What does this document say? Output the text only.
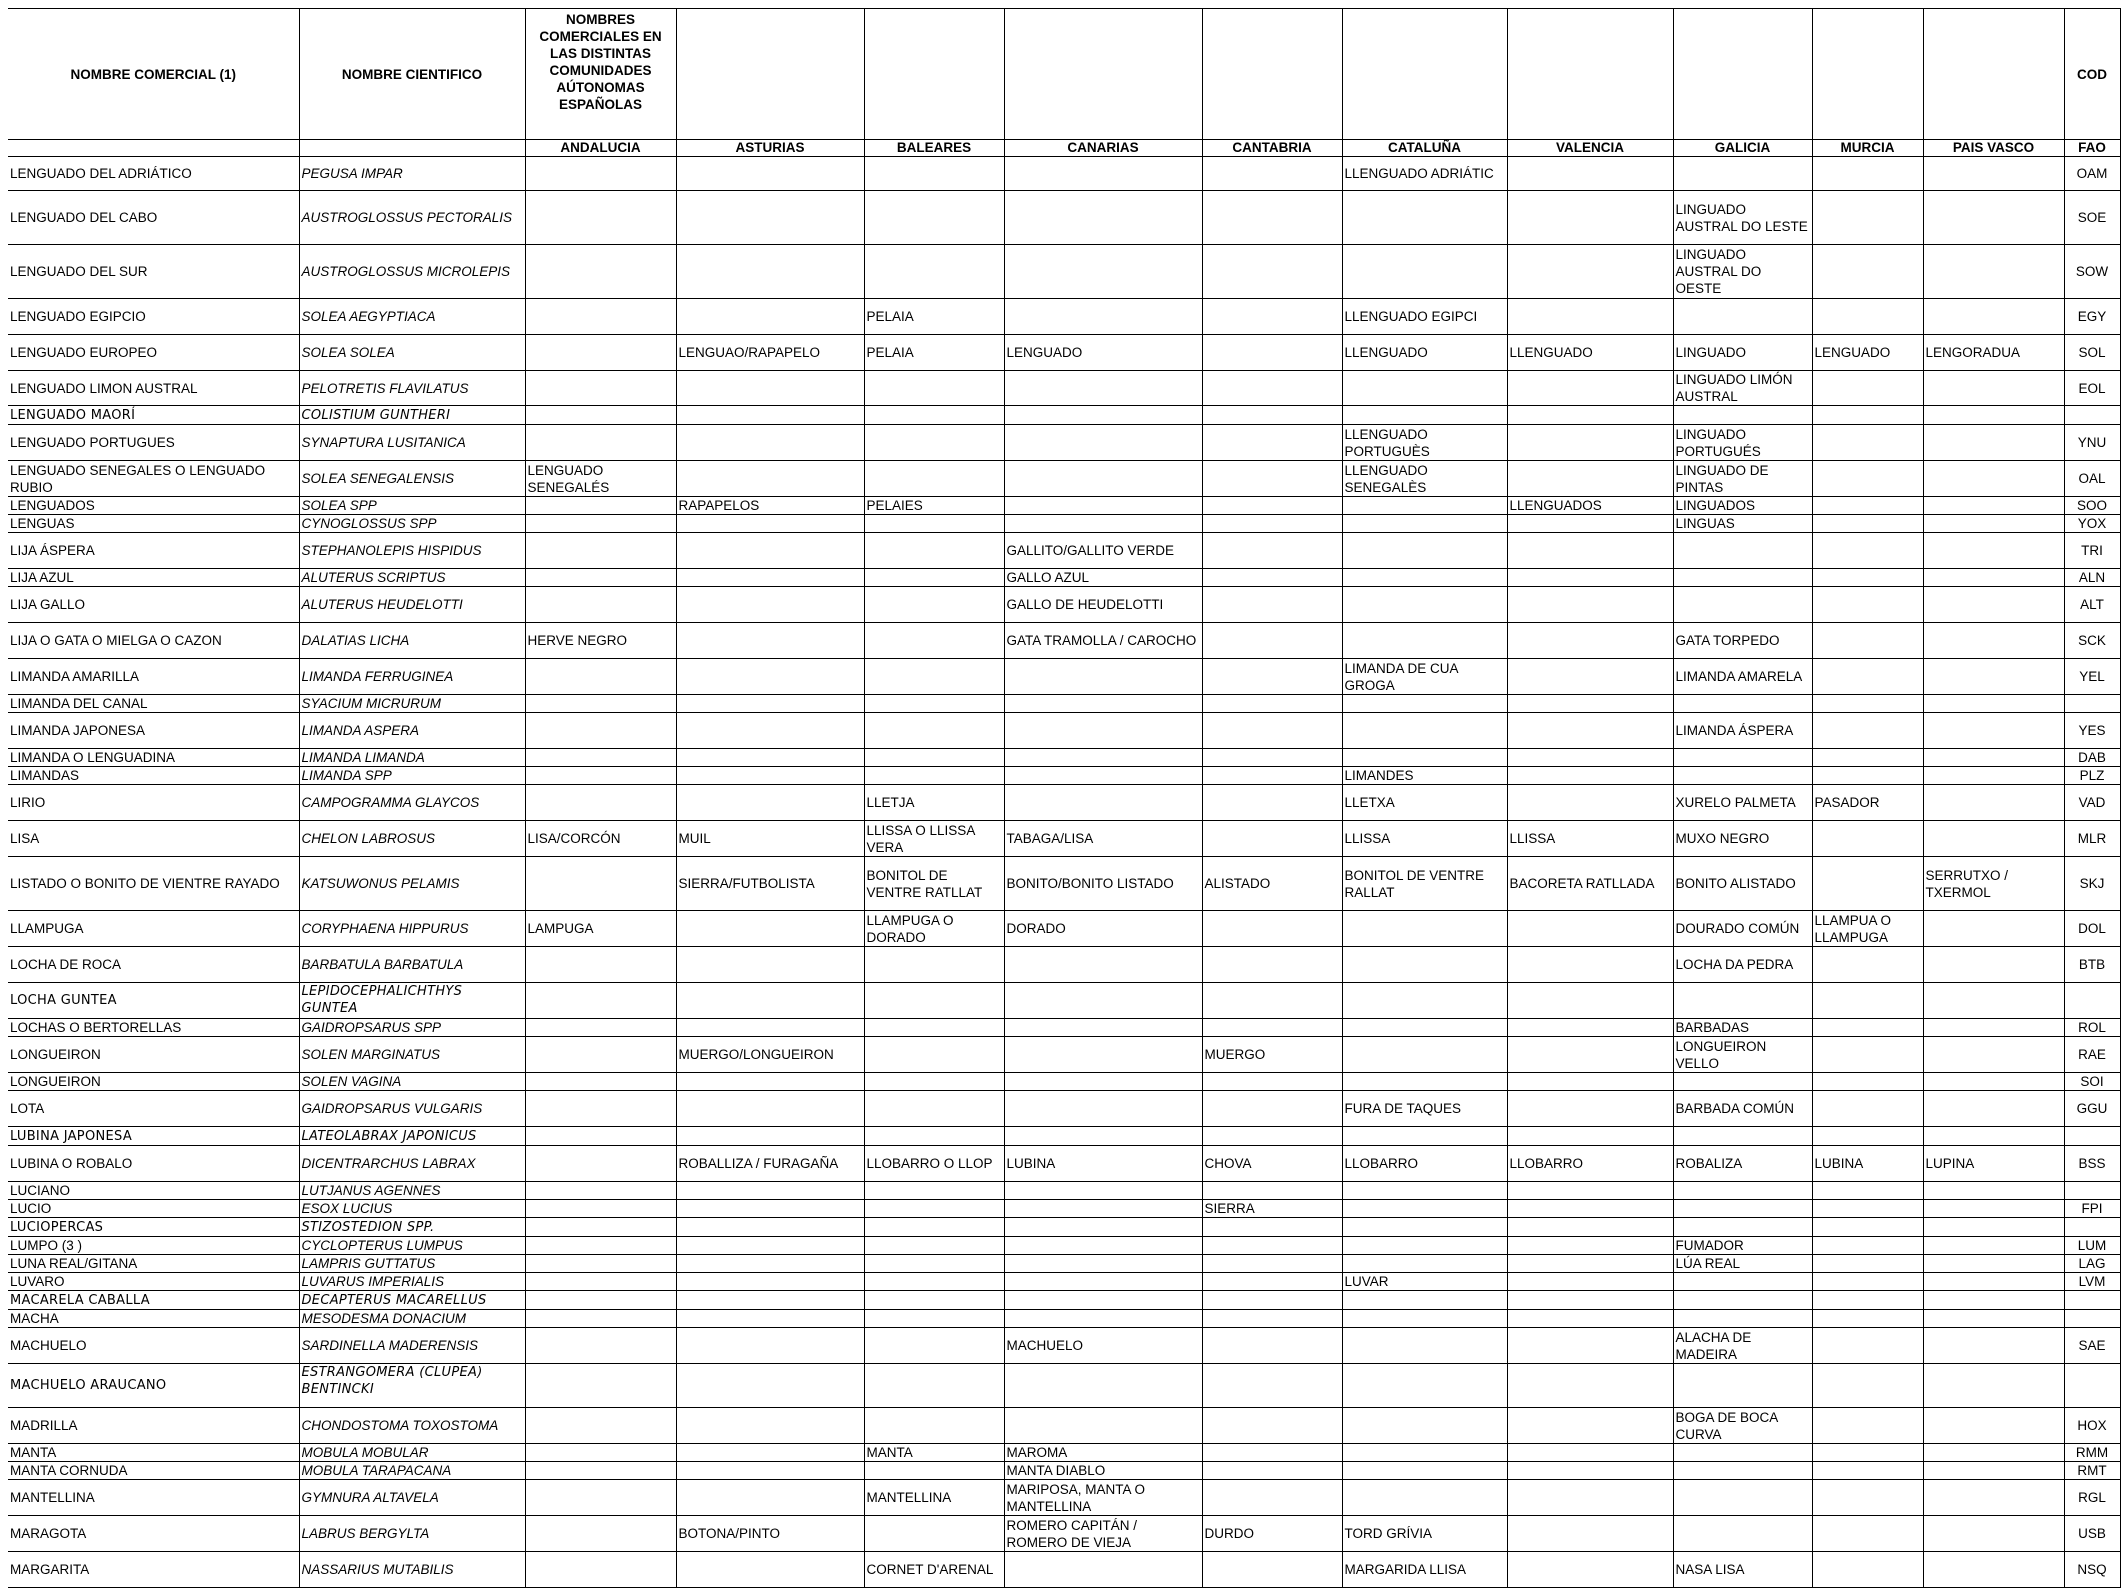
NOMBRE COMERCIAL (1)	NOMBRE CIENTIFICO	NOMBRES COMERCIALES EN LAS DISTINTAS COMUNIDADES AÚTONOMAS ESPAÑOLAS										COD
		ANDALUCIA	ASTURIAS	BALEARES	CANARIAS	CANTABRIA	CATALUÑA	VALENCIA	GALICIA	MURCIA	PAIS VASCO	FAO
LENGUADO DEL ADRIÁTICO	PEGUSA IMPAR						LLENGUADO ADRIÁTIC					OAM
LENGUADO DEL CABO	AUSTROGLOSSUS PECTORALIS								LINGUADO AUSTRAL DO LESTE			SOE
LENGUADO DEL SUR	AUSTROGLOSSUS MICROLEPIS								LINGUADO AUSTRAL DO OESTE			SOW
LENGUADO EGIPCIO	SOLEA AEGYPTIACA			PELAIA			LLENGUADO EGIPCI					EGY
LENGUADO EUROPEO	SOLEA SOLEA		LENGUAO/RAPAPELO	PELAIA	LENGUADO		LLENGUADO	LLENGUADO	LINGUADO	LENGUADO	LENGORADUA	SOL
LENGUADO LIMON AUSTRAL	PELOTRETIS FLAVILATUS								LINGUADO LIMÓN AUSTRAL			EOL
LENGUADO MAORÍ	COLISTIUM GUNTHERI											
LENGUADO PORTUGUES	SYNAPTURA LUSITANICA						LLENGUADO PORTUGUÈS		LINGUADO PORTUGUÉS			YNU
LENGUADO SENEGALES O LENGUADO RUBIO	SOLEA SENEGALENSIS	LENGUADO SENEGALÉS					LLENGUADO SENEGALÈS		LINGUADO DE PINTAS			OAL
LENGUADOS	SOLEA SPP		RAPAPELOS	PELAIES				LLENGUADOS	LINGUADOS			SOO
LENGUAS	CYNOGLOSSUS SPP								LINGUAS			YOX
LIJA ÁSPERA	STEPHANOLEPIS HISPIDUS				GALLITO/GALLITO VERDE							TRI
LIJA AZUL	ALUTERUS SCRIPTUS				GALLO AZUL							ALN
LIJA GALLO	ALUTERUS HEUDELOTTI				GALLO DE HEUDELOTTI							ALT
LIJA O GATA O MIELGA O CAZON	DALATIAS LICHA	HERVE NEGRO			GATA TRAMOLLA / CAROCHO				GATA TORPEDO			SCK
LIMANDA AMARILLA	LIMANDA FERRUGINEA						LIMANDA DE CUA GROGA		LIMANDA AMARELA			YEL
LIMANDA DEL CANAL	SYACIUM MICRURUM											
LIMANDA JAPONESA	LIMANDA ASPERA								LIMANDA ÁSPERA			YES
LIMANDA O LENGUADINA	LIMANDA LIMANDA											DAB
LIMANDAS	LIMANDA SPP						LIMANDES					PLZ
LIRIO	CAMPOGRAMMA GLAYCOS			LLETJA			LLETXA		XURELO PALMETA	PASADOR		VAD
LISA	CHELON LABROSUS	LISA/CORCÓN	MUIL	LLISSA O LLISSA VERA	TABAGA/LISA		LLISSA	LLISSA	MUXO NEGRO			MLR
LISTADO O BONITO DE VIENTRE RAYADO	KATSUWONUS PELAMIS		SIERRA/FUTBOLISTA	BONITOL DE VENTRE RATLLAT	BONITO/BONITO LISTADO	ALISTADO	BONITOL DE VENTRE RALLAT	BACORETA RATLLADA	BONITO ALISTADO		SERRUTXO / TXERMOL	SKJ
LLAMPUGA	CORYPHAENA HIPPURUS	LAMPUGA		LLAMPUGA O DORADO	DORADO				DOURADO COMÚN	LLAMPUA O LLAMPUGA		DOL
LOCHA DE ROCA	BARBATULA BARBATULA								LOCHA DA PEDRA			BTB
LOCHA GUNTEA	LEPIDOCEPHALICHTHYS GUNTEA											
LOCHAS O BERTORELLAS	GAIDROPSARUS SPP								BARBADAS			ROL
LONGUEIRON	SOLEN MARGINATUS		MUERGO/LONGUEIRON			MUERGO			LONGUEIRON VELLO			RAE
LONGUEIRON	SOLEN VAGINA											SOI
LOTA	GAIDROPSARUS VULGARIS						FURA DE TAQUES		BARBADA COMÚN			GGU
LUBINA JAPONESA	LATEOLABRAX JAPONICUS											
LUBINA O ROBALO	DICENTRARCHUS LABRAX		ROBALLIZA / FURAGAÑA	LLOBARRO O LLOP	LUBINA	CHOVA	LLOBARRO	LLOBARRO	ROBALIZA	LUBINA	LUPINA	BSS
LUCIANO	LUTJANUS AGENNES											
LUCIO	ESOX LUCIUS					SIERRA						FPI
LUCIOPERCAS	STIZOSTEDION SPP.											
LUMPO (3 )	CYCLOPTERUS LUMPUS								FUMADOR			LUM
LUNA REAL/GITANA	LAMPRIS GUTTATUS								LÚA REAL			LAG
LUVARO	LUVARUS IMPERIALIS						LUVAR					LVM
MACARELA CABALLA	DECAPTERUS MACARELLUS											
MACHA	MESODESMA DONACIUM											
MACHUELO	SARDINELLA MADERENSIS				MACHUELO				ALACHA DE MADEIRA			SAE
MACHUELO ARAUCANO	ESTRANGOMERA (CLUPEA) BENTINCKI											
MADRILLA	CHONDOSTOMA TOXOSTOMA								BOGA DE BOCA CURVA			HOX
MANTA	MOBULA MOBULAR			MANTA	MAROMA							RMM
MANTA CORNUDA	MOBULA TARAPACANA				MANTA DIABLO							RMT
MANTELLINA	GYMNURA ALTAVELA			MANTELLINA	MARIPOSA, MANTA O MANTELLINA							RGL
MARAGOTA	LABRUS BERGYLTA		BOTONA/PINTO		ROMERO CAPITÁN / ROMERO DE VIEJA	DURDO	TORD GRÍVIA					USB
MARGARITA	NASSARIUS MUTABILIS			CORNET D'ARENAL			MARGARIDA LLISA		NASA LISA			NSQ
